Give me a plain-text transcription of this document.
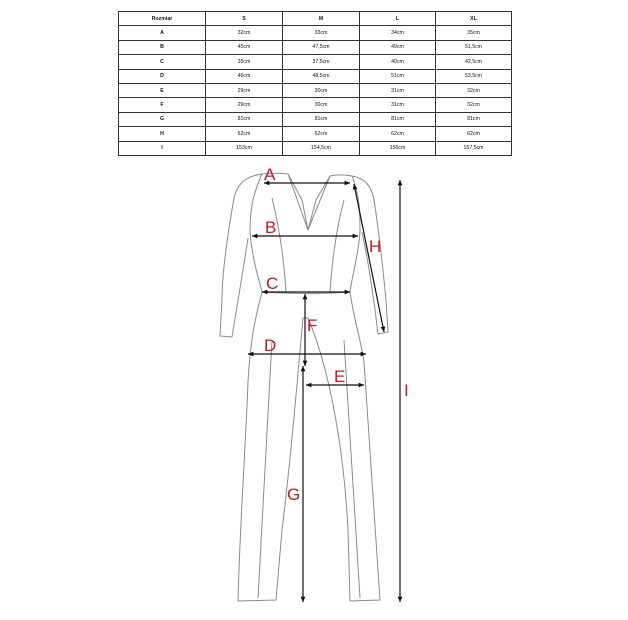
Rozmiar	S	M	L	XL
A	32cm	33cm	34cm	35cm
B	45cm	47,5cm	49cm	51,5cm
C	35cm	37,5cm	40cm	42,5cm
D	46cm	48,5cm	51cm	53,5cm
E	29cm	30cm	31cm	32cm
F	29cm	30cm	31cm	32cm
G	81cm	81cm	81cm	81cm
H	62cm	62cm	62cm	62cm
I	153cm	154,5cm	156cm	157,5cm
A
B
C
D
E
F
G
H
I
